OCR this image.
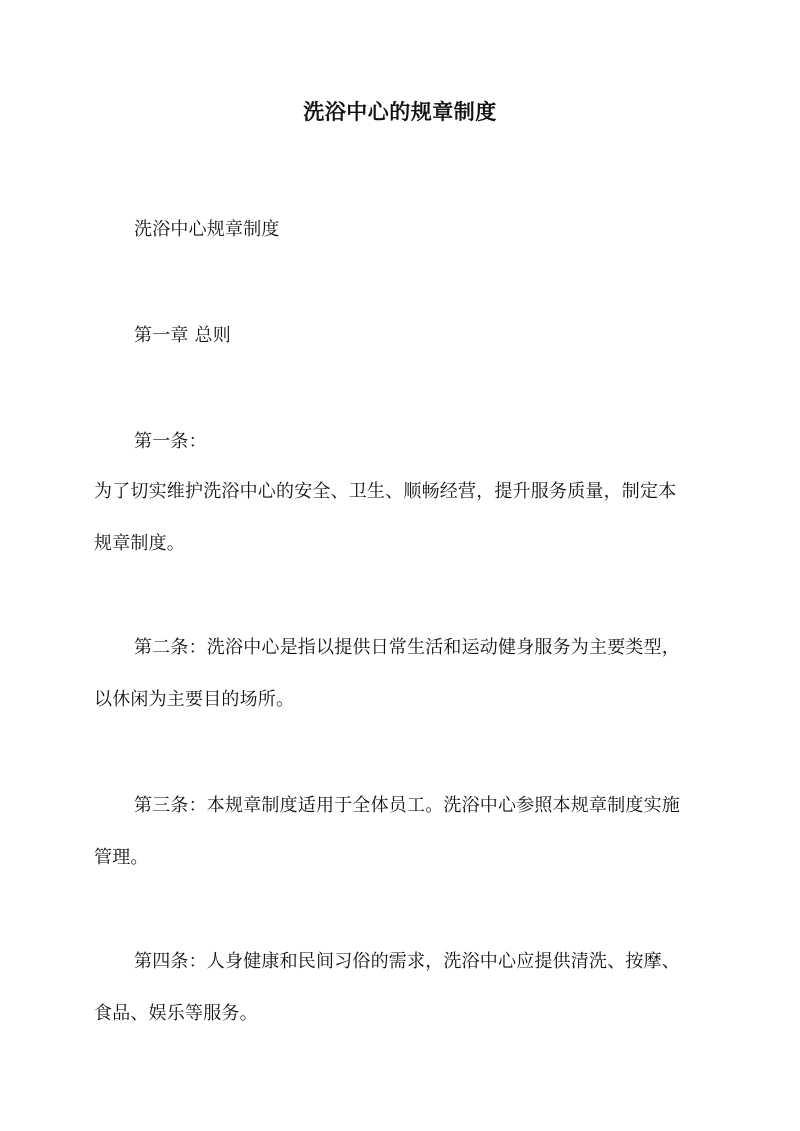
洗浴中心的规章制度
洗浴中心规章制度
第一章 总则
第一条：
为了切实维护洗浴中心的安全、卫生、顺畅经营，提升服务质量，制定本
规章制度。
第二条：洗浴中心是指以提供日常生活和运动健身服务为主要类型，
以休闲为主要目的场所。
第三条：本规章制度适用于全体员工。洗浴中心参照本规章制度实施
管理。
第四条：人身健康和民间习俗的需求，洗浴中心应提供清洗、按摩、
食品、娱乐等服务。
